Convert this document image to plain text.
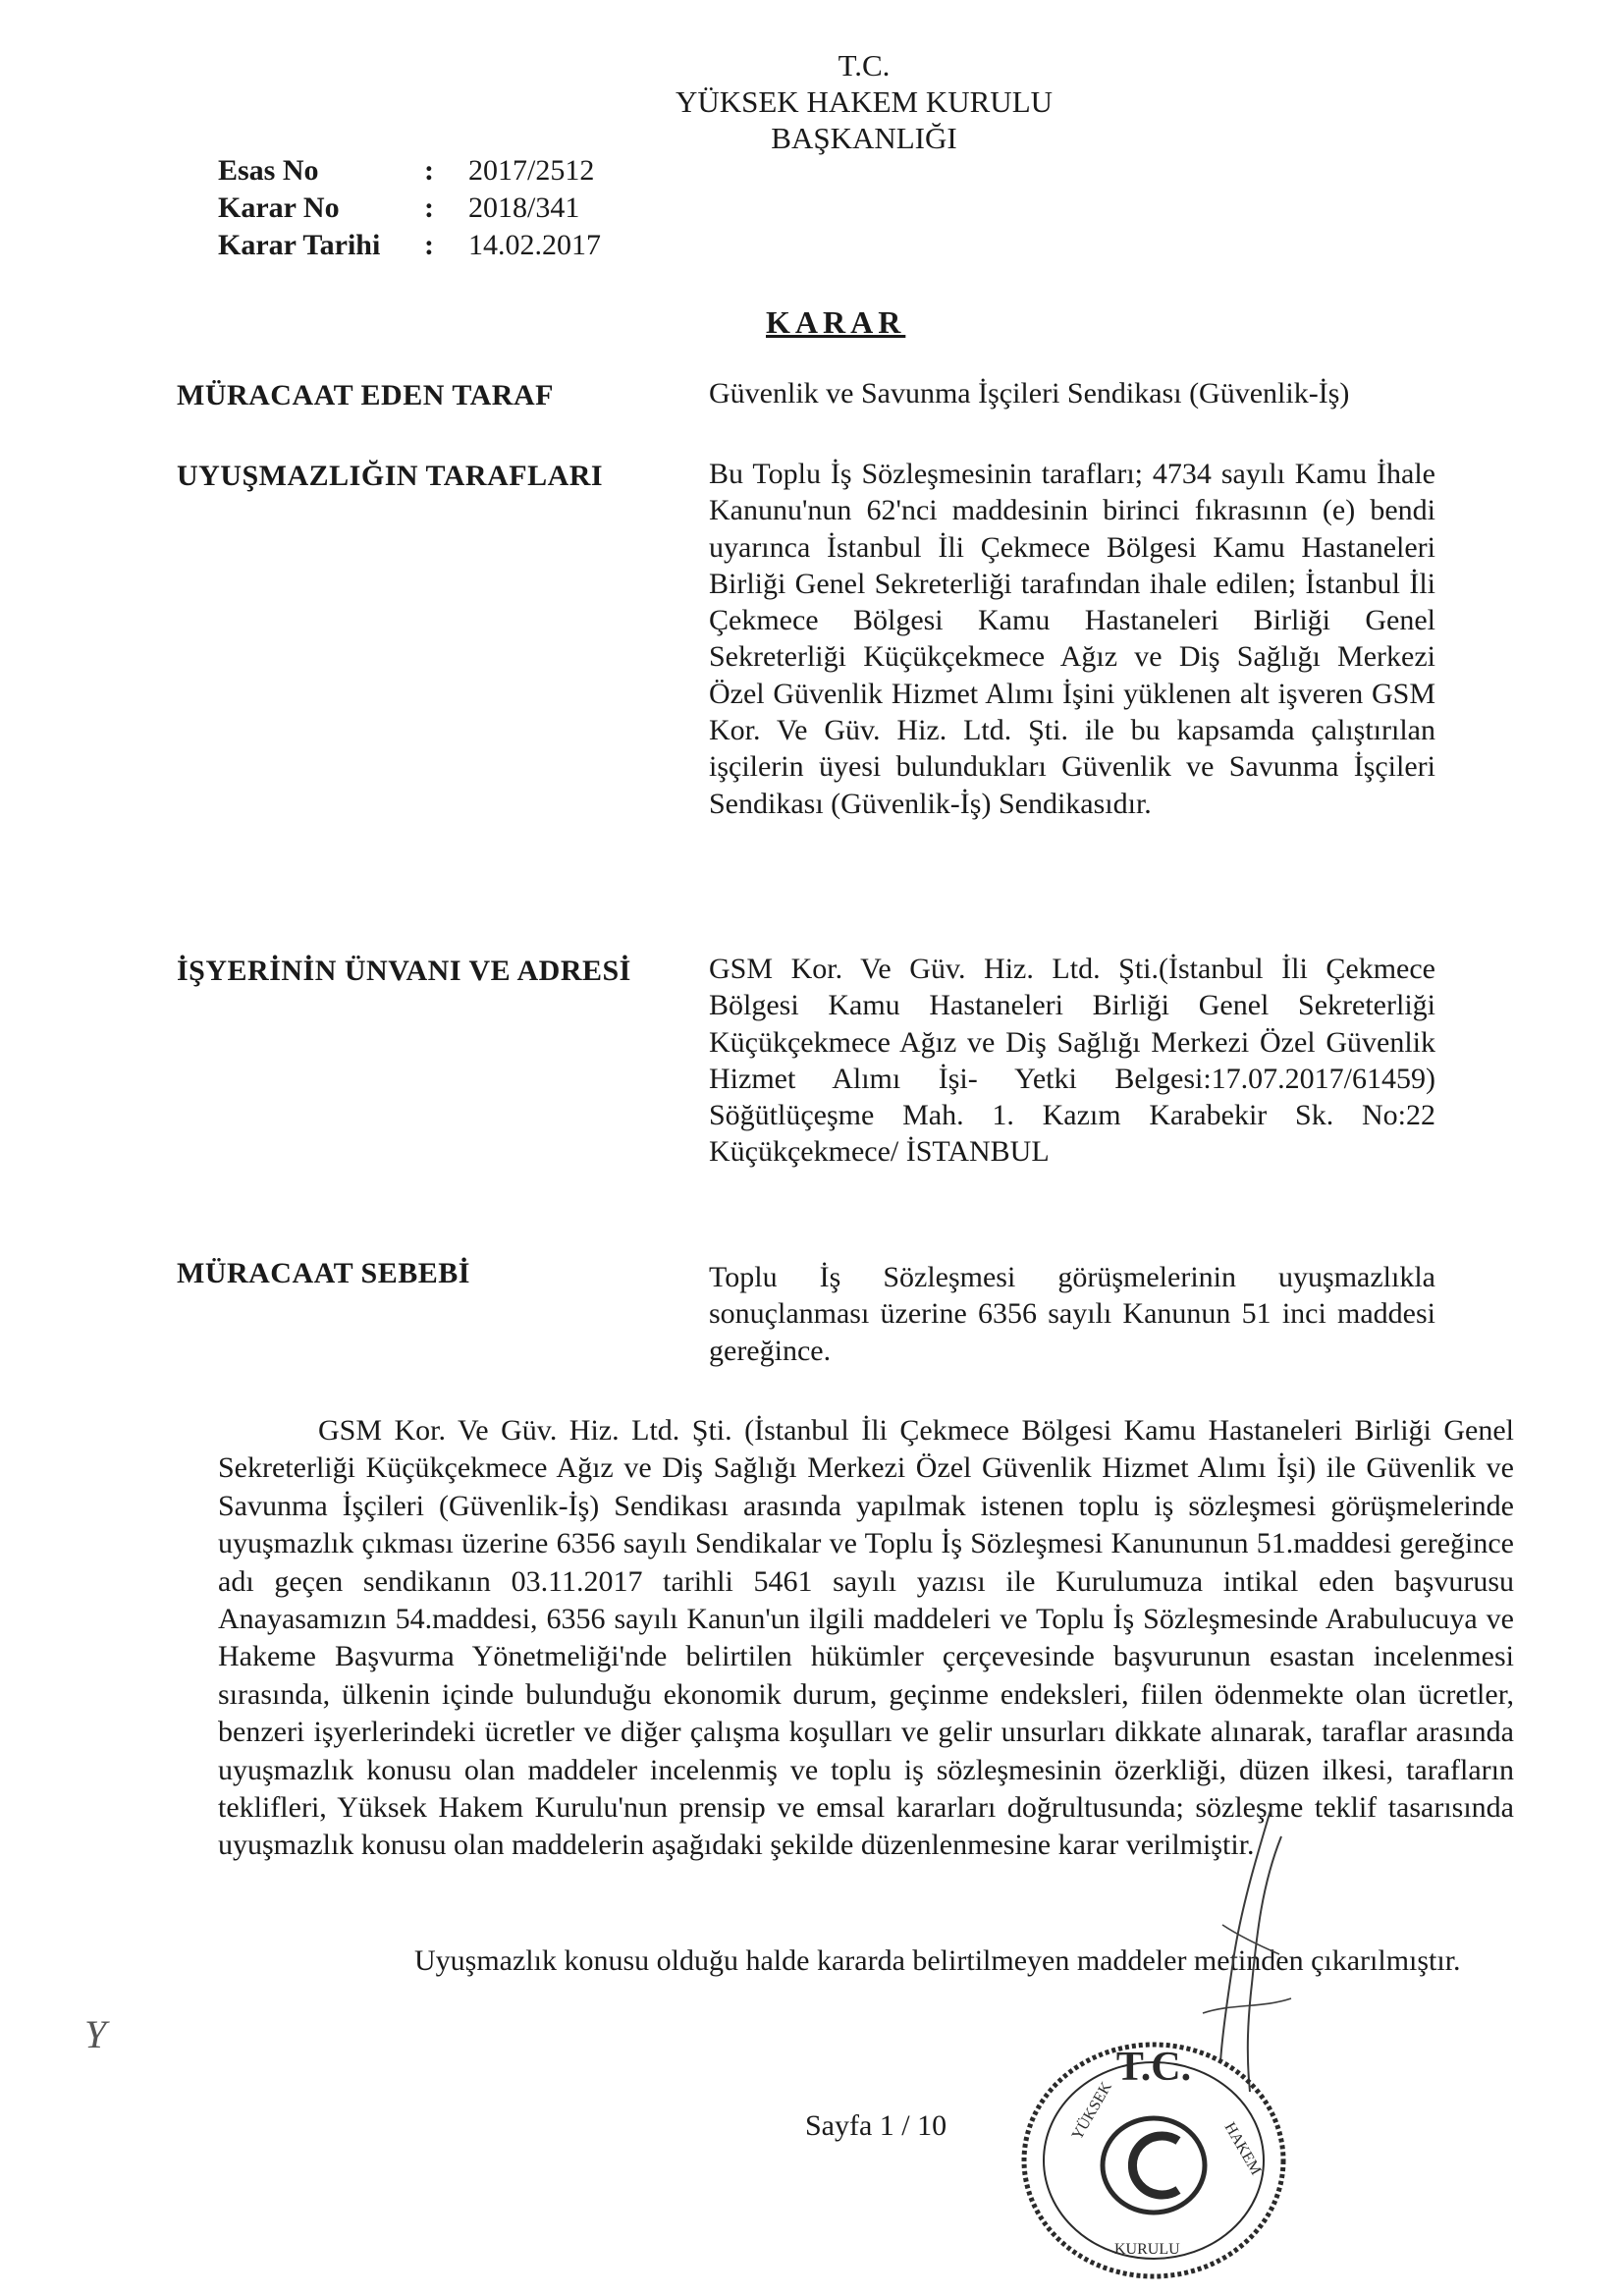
T.C.
YÜKSEK HAKEM KURULU
BAŞKANLIĞI
Esas No	:	2017/2512
Karar No	:	2018/341
Karar Tarihi	:	14.02.2017
KARAR
MÜRACAAT EDEN TARAF	Güvenlik ve Savunma İşçileri Sendikası (Güvenlik-İş)
UYUŞMAZLIĞIN TARAFLARI	Bu Toplu İş Sözleşmesinin tarafları; 4734 sayılı Kamu İhale Kanunu'nun 62'nci maddesinin birinci fıkrasının (e) bendi uyarınca İstanbul İli Çekmece Bölgesi Kamu Hastaneleri Birliği Genel Sekreterliği tarafından ihale edilen; İstanbul İli Çekmece Bölgesi Kamu Hastaneleri Birliği Genel Sekreterliği Küçükçekmece Ağız ve Diş Sağlığı Merkezi Özel Güvenlik Hizmet Alımı İşini yüklenen alt işveren GSM Kor. Ve Güv. Hiz. Ltd. Şti. ile bu kapsamda çalıştırılan işçilerin üyesi bulundukları Güvenlik ve Savunma İşçileri Sendikası (Güvenlik-İş) Sendikasıdır.
İŞYERİNİN ÜNVANI VE ADRESİ	GSM Kor. Ve Güv. Hiz. Ltd. Şti.(İstanbul İli Çekmece Bölgesi Kamu Hastaneleri Birliği Genel Sekreterliği Küçükçekmece Ağız ve Diş Sağlığı Merkezi Özel Güvenlik Hizmet Alımı İşi- Yetki Belgesi:17.07.2017/61459) Söğütlüçeşme Mah. 1. Kazım Karabekir Sk. No:22 Küçükçekmece/ İSTANBUL
MÜRACAAT SEBEBİ	Toplu İş Sözleşmesi görüşmelerinin uyuşmazlıkla sonuçlanması üzerine 6356 sayılı Kanunun 51 inci maddesi gereğince.
GSM Kor. Ve Güv. Hiz. Ltd. Şti. (İstanbul İli Çekmece Bölgesi Kamu Hastaneleri Birliği Genel Sekreterliği Küçükçekmece Ağız ve Diş Sağlığı Merkezi Özel Güvenlik Hizmet Alımı İşi) ile Güvenlik ve Savunma İşçileri (Güvenlik-İş) Sendikası arasında yapılmak istenen toplu iş sözleşmesi görüşmelerinde uyuşmazlık çıkması üzerine 6356 sayılı Sendikalar ve Toplu İş Sözleşmesi Kanununun 51.maddesi gereğince adı geçen sendikanın 03.11.2017 tarihli 5461 sayılı yazısı ile Kurulumuza intikal eden başvurusu Anayasamızın 54.maddesi, 6356 sayılı Kanun'un ilgili maddeleri ve Toplu İş Sözleşmesinde Arabulucuya ve Hakeme Başvurma Yönetmeliği'nde belirtilen hükümler çerçevesinde başvurunun esastan incelenmesi sırasında, ülkenin içinde bulunduğu ekonomik durum, geçinme endeksleri, fiilen ödenmekte olan ücretler, benzeri işyerlerindeki ücretler ve diğer çalışma koşulları ve gelir unsurları dikkate alınarak, taraflar arasında uyuşmazlık konusu olan maddeler incelenmiş ve toplu iş sözleşmesinin özerkliği, düzen ilkesi, tarafların teklifleri, Yüksek Hakem Kurulu'nun prensip ve emsal kararları doğrultusunda; sözleşme teklif tasarısında uyuşmazlık konusu olan maddelerin aşağıdaki şekilde düzenlenmesine karar verilmiştir.
Uyuşmazlık konusu olduğu halde kararda belirtilmeyen maddeler metinden çıkarılmıştır.
Y
T.C.
YÜKSEK
HAKEM
KURULU
Sayfa 1 / 10
